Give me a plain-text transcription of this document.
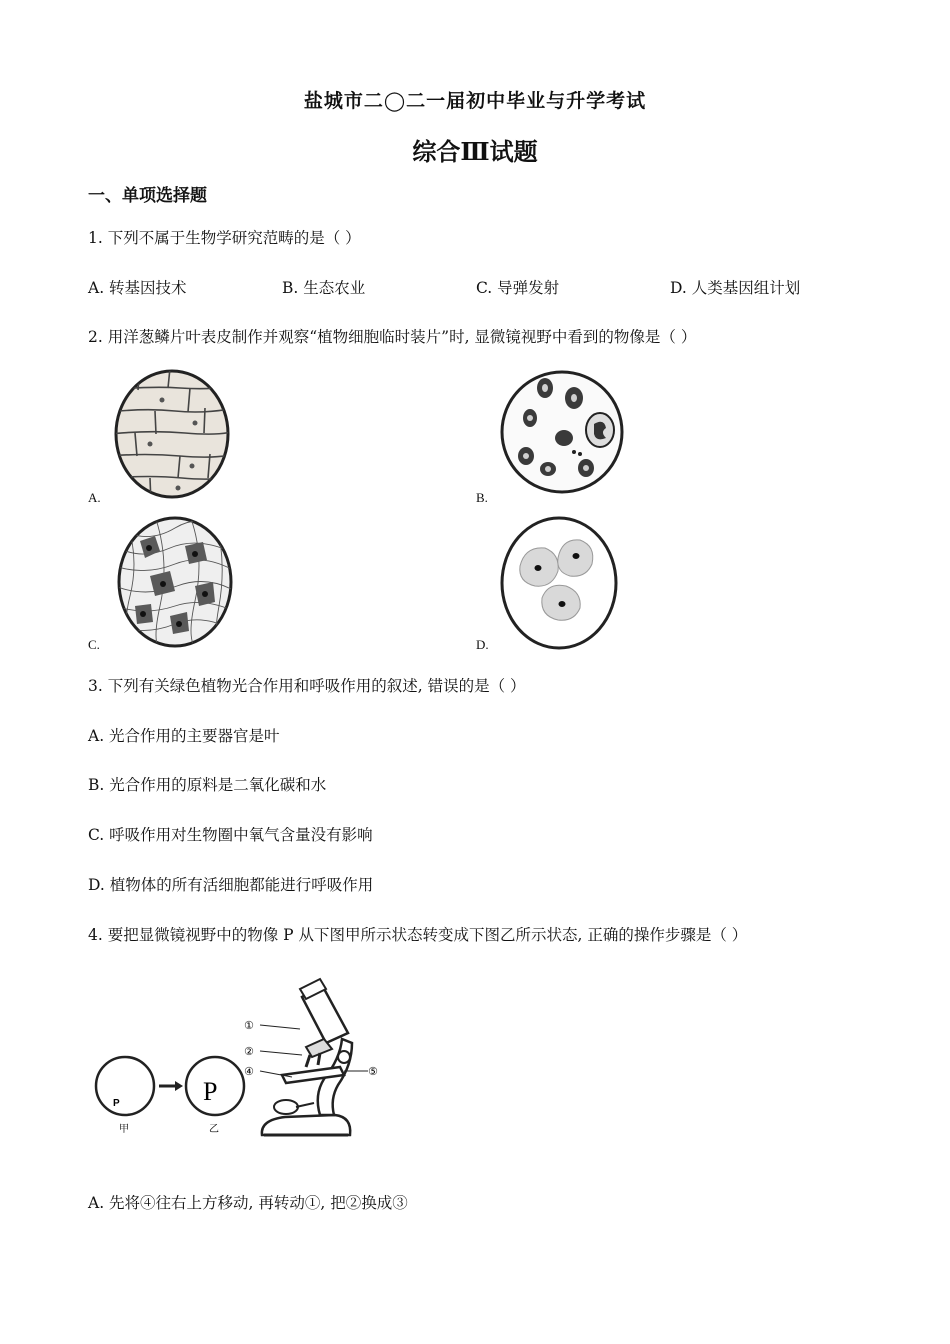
盐城市二◯二一届初中毕业与升学考试
综合Ⅲ试题
一、单项选择题
1. 下列不属于生物学研究范畴的是（ ）
A. 转基因技术	B. 生态农业	C. 导弹发射	D. 人类基因组计划
2. 用洋葱鳞片叶表皮制作并观察“植物细胞临时装片”时, 显微镜视野中看到的物像是（ ）
A.	B.
C.	D.
3. 下列有关绿色植物光合作用和呼吸作用的叙述, 错误的是（ ）
A. 光合作用的主要器官是叶
B. 光合作用的原料是二氧化碳和水
C. 呼吸作用对生物圈中氧气含量没有影响
D. 植物体的所有活细胞都能进行呼吸作用
4. 要把显微镜视野中的物像 P 从下图甲所示状态转变成下图乙所示状态, 正确的操作步骤是（ ）
P	P
甲	乙
①
②
④	⑤
A. 先将④往右上方移动, 再转动①, 把②换成③
